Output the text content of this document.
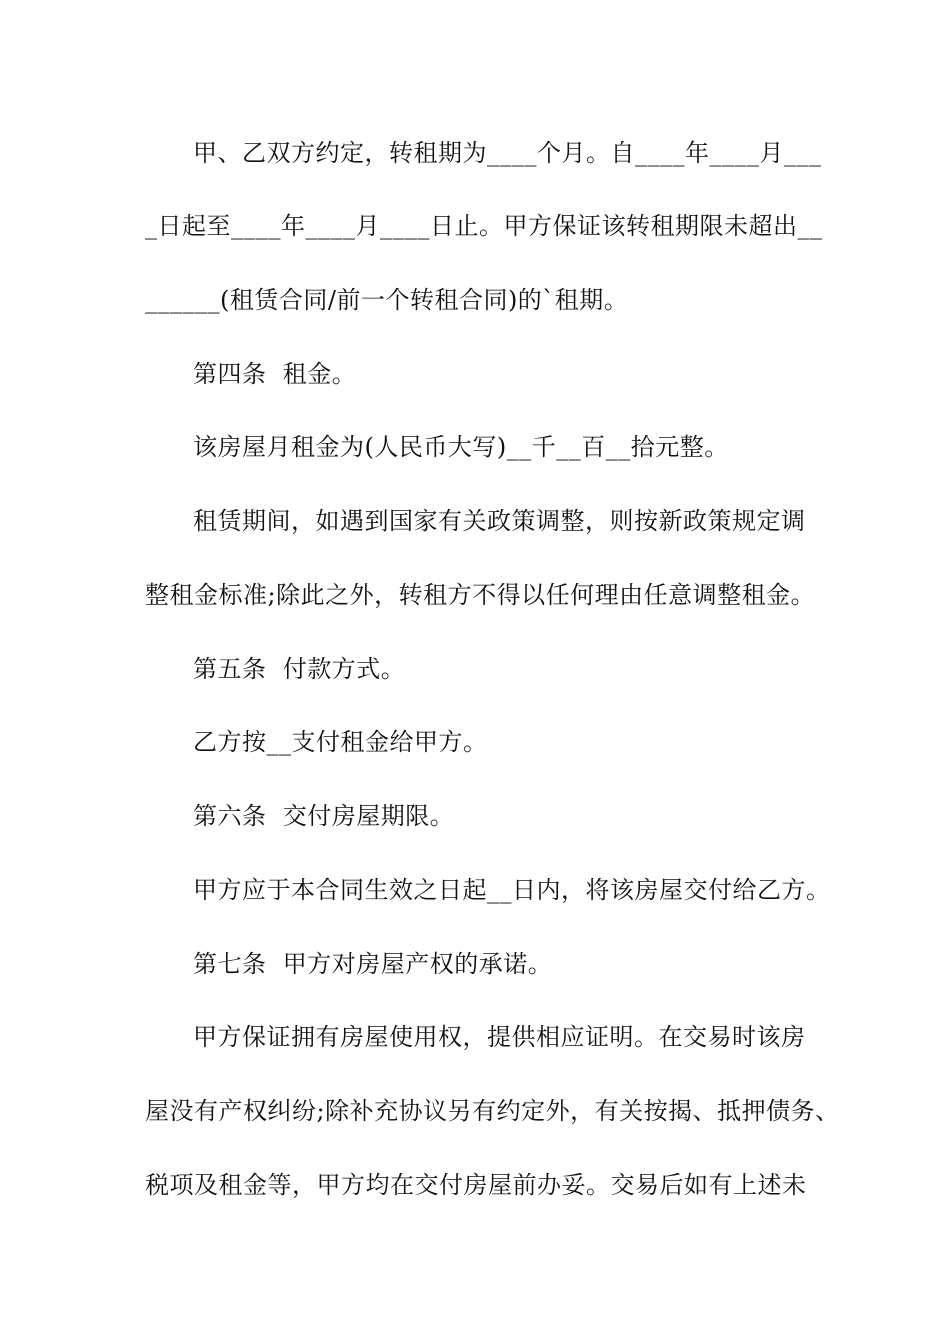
甲、乙双方约定，转租期为____个月。自____年____月___
_日起至____年____月____日止。甲方保证该转租期限未超出__
______(租赁合同/前一个转租合同)的`租期。
第四条  租金。
该房屋月租金为(人民币大写)__千__百__拾元整。
租赁期间，如遇到国家有关政策调整，则按新政策规定调
整租金标准;除此之外，转租方不得以任何理由任意调整租金。
第五条  付款方式。
乙方按__支付租金给甲方。
第六条  交付房屋期限。
甲方应于本合同生效之日起__日内，将该房屋交付给乙方。
第七条  甲方对房屋产权的承诺。
甲方保证拥有房屋使用权，提供相应证明。在交易时该房
屋没有产权纠纷;除补充协议另有约定外，有关按揭、抵押债务、
税项及租金等，甲方均在交付房屋前办妥。交易后如有上述未
